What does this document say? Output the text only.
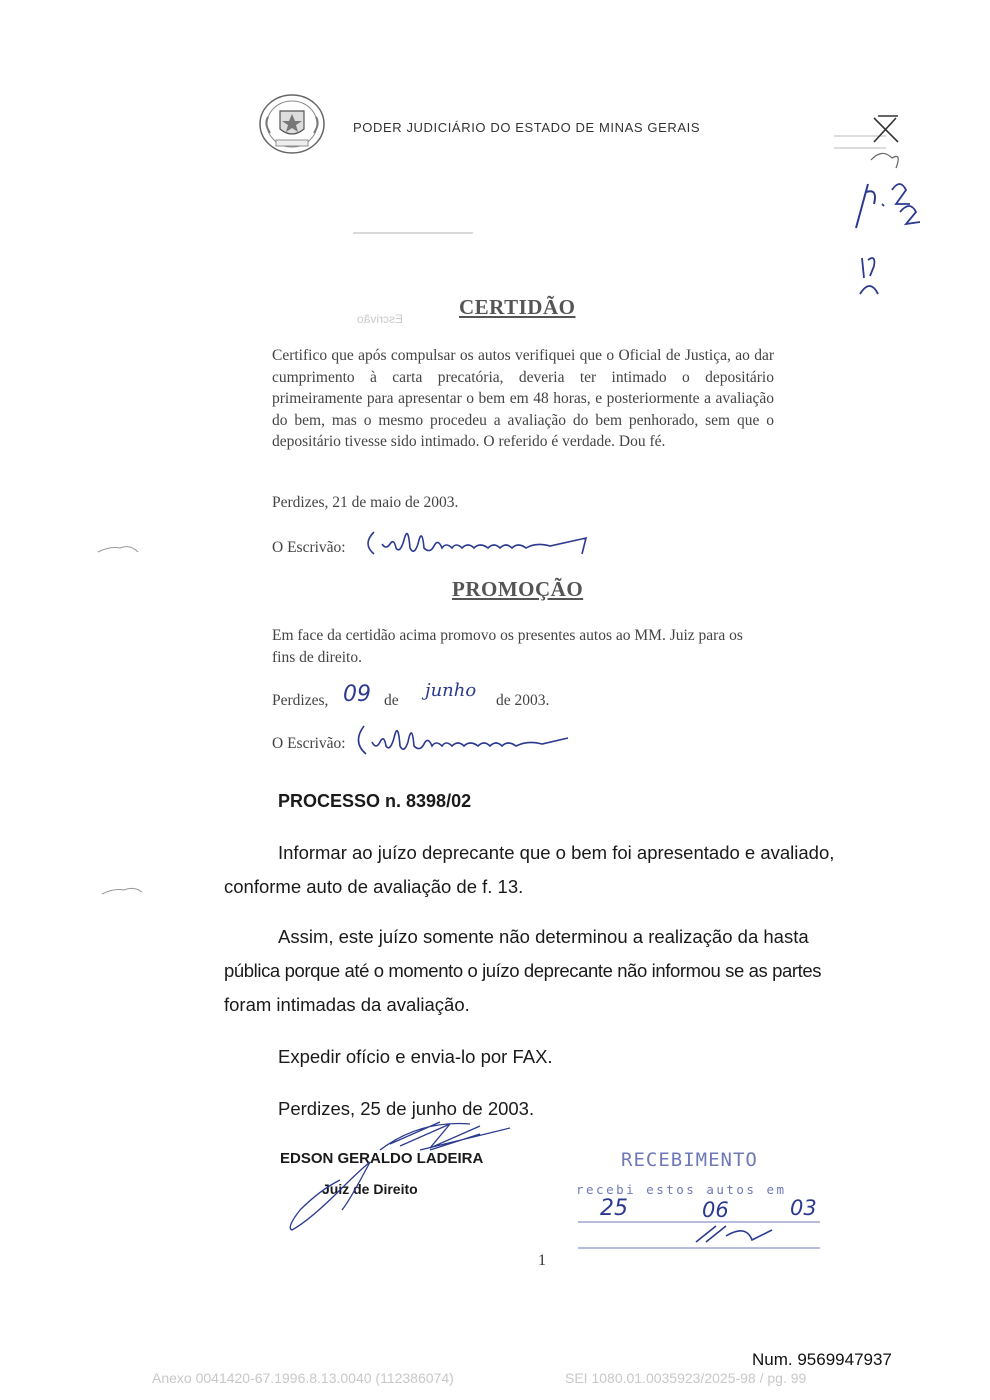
PODER JUDICIÁRIO DO ESTADO DE MINAS GERAIS
Escrivão	CERTIDÃO
Certifico que após compulsar os autos verifiquei que o Oficial de Justiça, ao dar cumprimento à carta precatória, deveria ter intimado o depositário primeiramente para apresentar o bem em 48 horas, e posteriormente a avaliação do bem, mas o mesmo procedeu a avaliação do bem penhorado, sem que o depositário tivesse sido intimado. O referido é verdade. Dou fé.
Perdizes, 21 de maio de 2003.
O Escrivão:
PROMOÇÃO
Em face da certidão acima promovo os presentes autos ao MM. Juiz para os fins de direito.
Perdizes, 09 de junho de 2003.
O Escrivão:
PROCESSO n. 8398/02
Informar ao juízo deprecante que o bem foi apresentado e avaliado,
conforme auto de avaliação de f. 13.
Assim, este juízo somente não determinou a realização da hasta
pública porque até o momento o juízo deprecante não informou se as partes
foram intimadas da avaliação.
Expedir ofício e envia-lo por FAX.
Perdizes, 25 de junho de 2003.
EDSON GERALDO LADEIRA
Juiz de Direito
RECEBIMENTO
recebi estos autos em
25	06	03
1
Num. 9569947937
Anexo 0041420-67.1996.8.13.0040 (112386074)	SEI 1080.01.0035923/2025-98 / pg. 99
